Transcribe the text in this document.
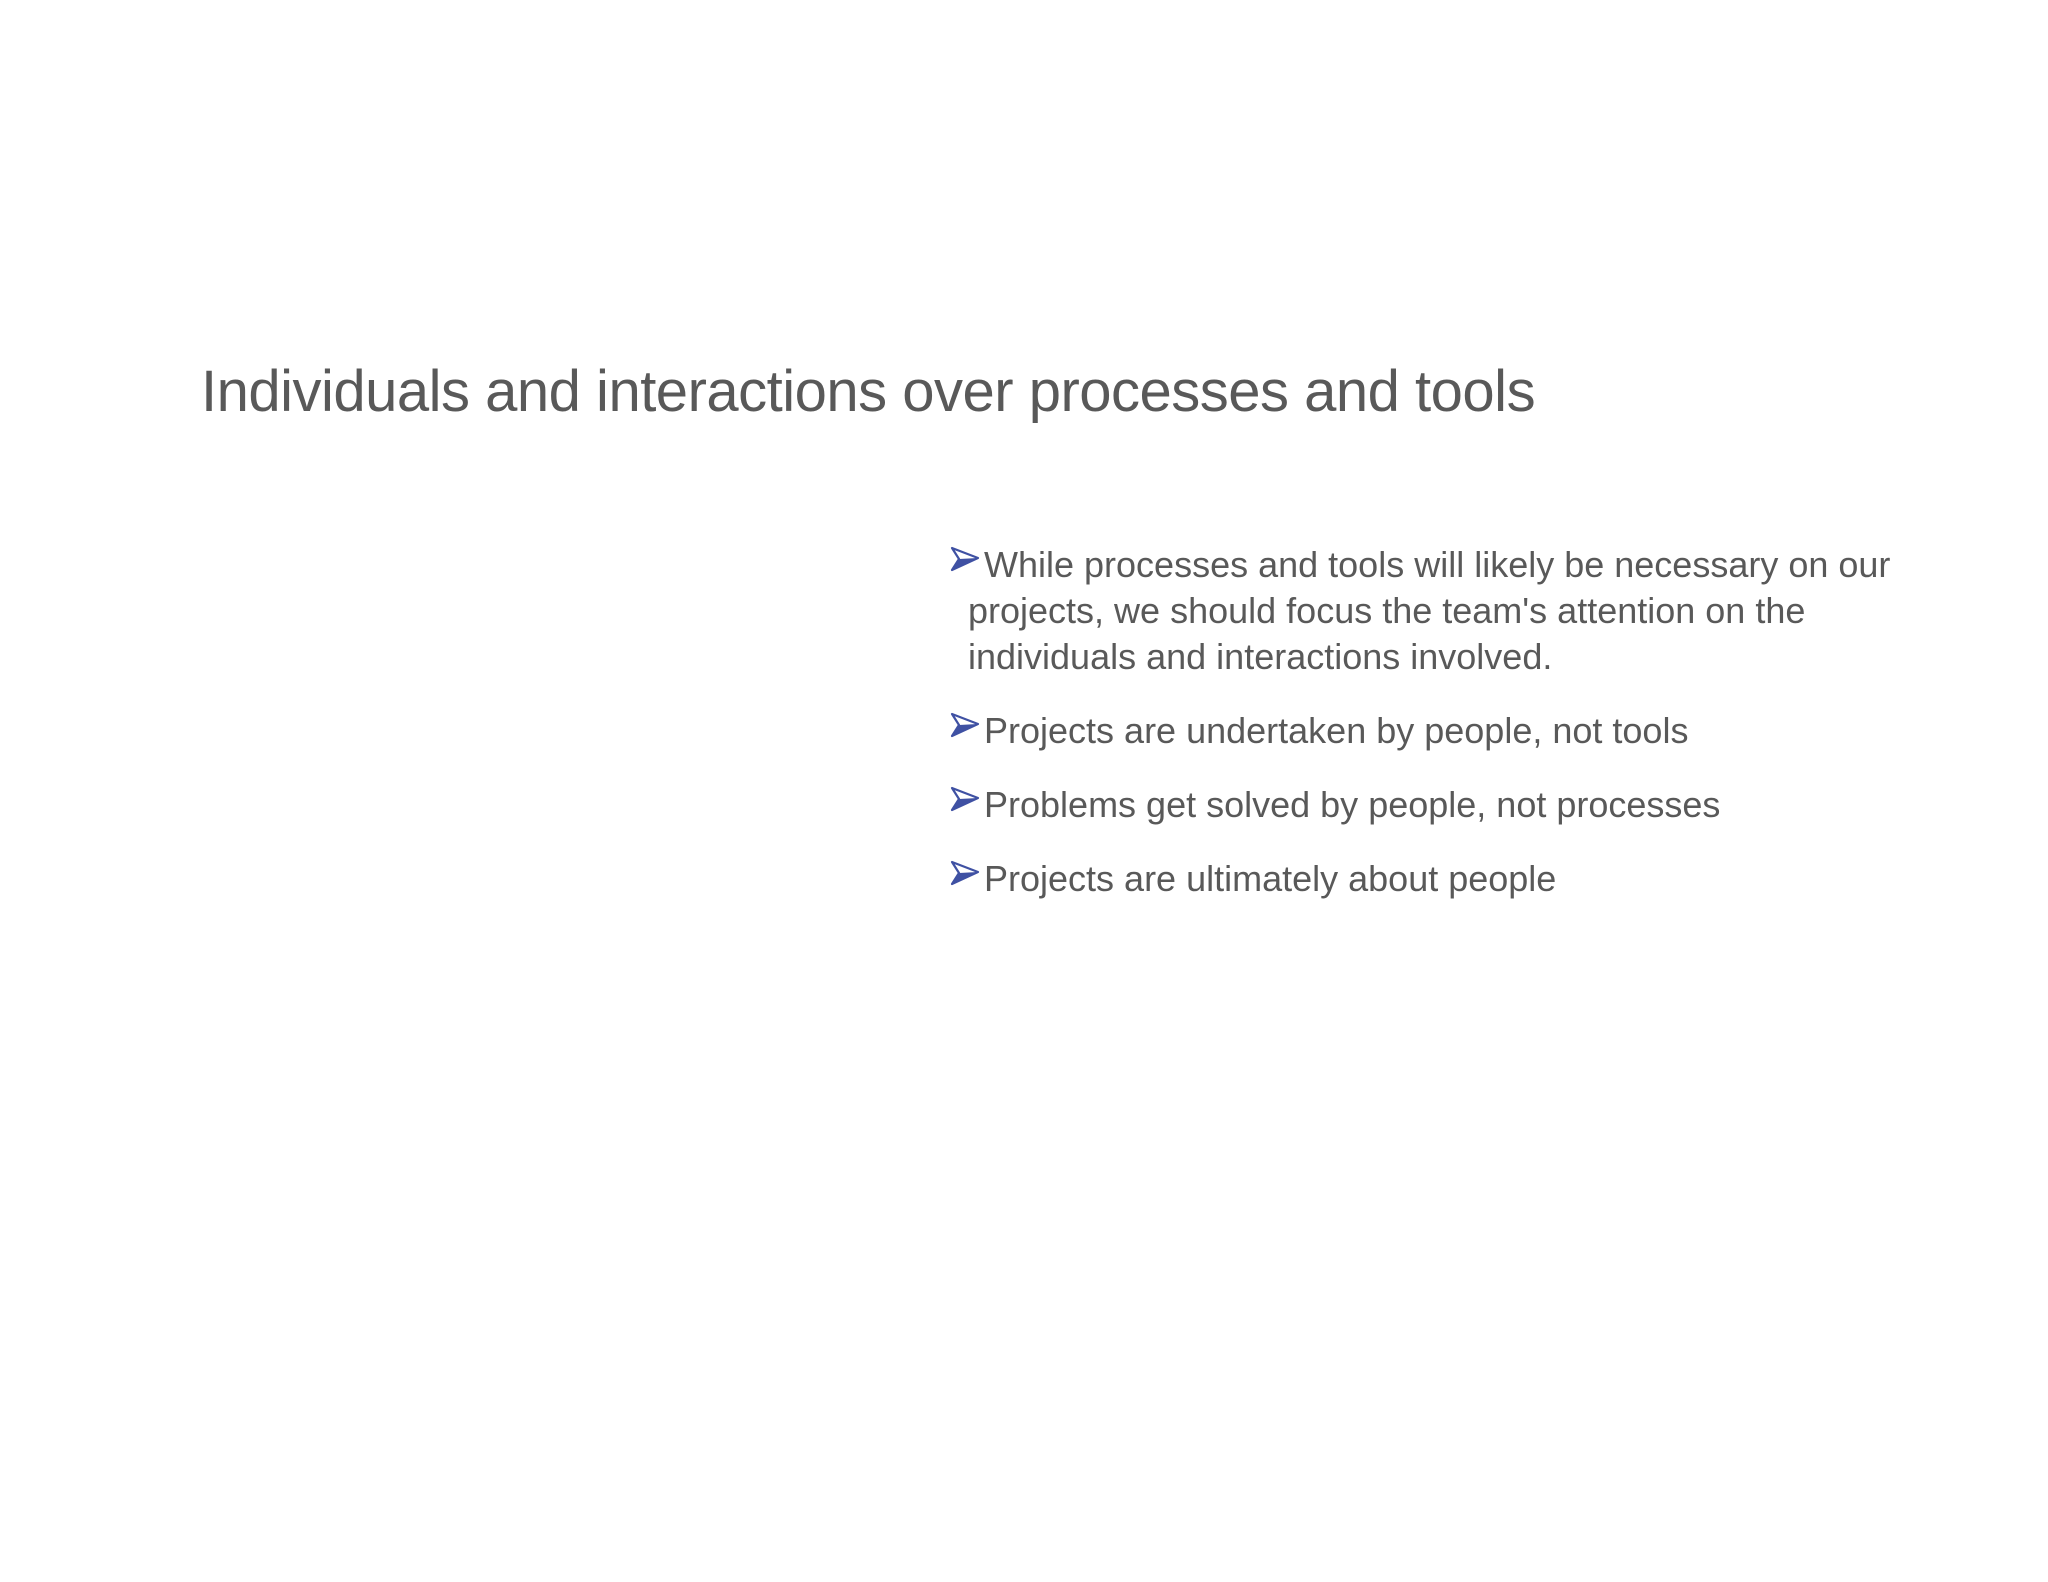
Individuals and interactions over processes and tools
While processes and tools will likely be necessary on our projects, we should focus the team's attention on the individuals and interactions involved.
Projects are undertaken by people, not tools
Problems get solved by people, not processes
Projects are ultimately about people
